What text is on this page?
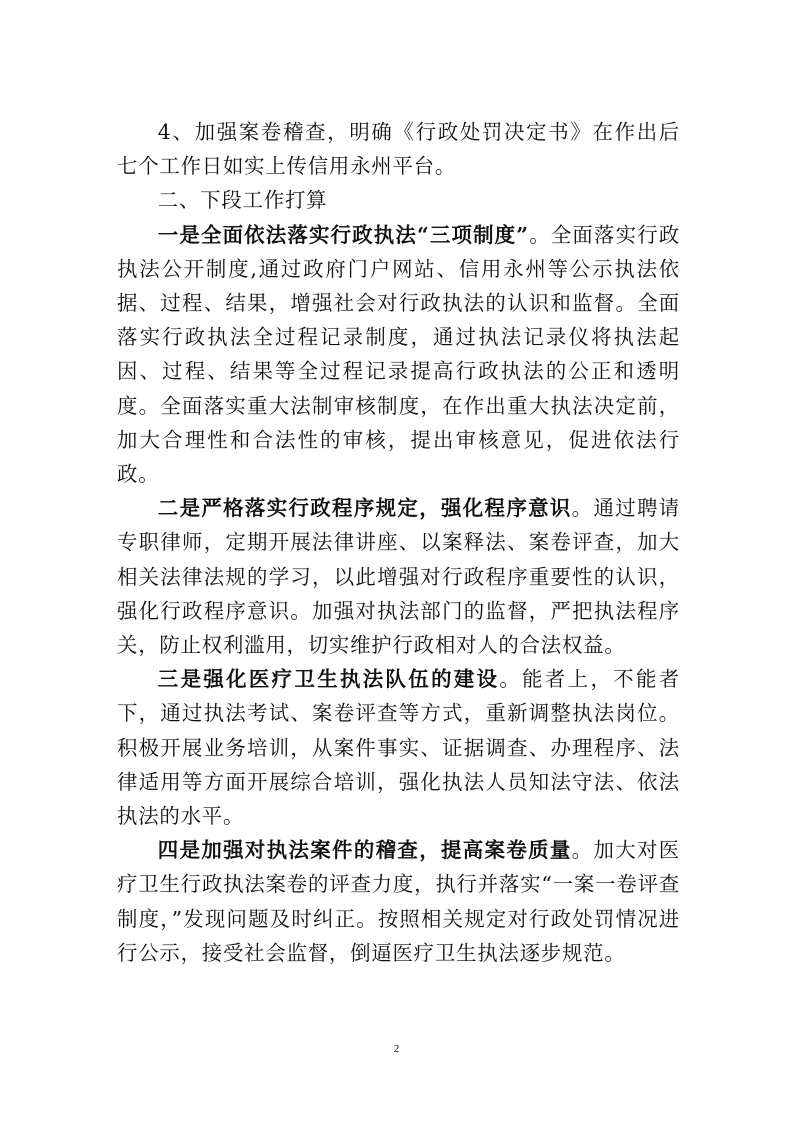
4、加强案卷稽查，明确《行政处罚决定书》在作出后七个工作日如实上传信用永州平台。

二、下段工作打算

一是全面依法落实行政执法“三项制度”。全面落实行政执法公开制度,通过政府门户网站、信用永州等公示执法依据、过程、结果，增强社会对行政执法的认识和监督。全面落实行政执法全过程记录制度，通过执法记录仪将执法起因、过程、结果等全过程记录提高行政执法的公正和透明度。全面落实重大法制审核制度，在作出重大执法决定前，加大合理性和合法性的审核，提出审核意见，促进依法行政。

二是严格落实行政程序规定，强化程序意识。通过聘请专职律师，定期开展法律讲座、以案释法、案卷评查，加大相关法律法规的学习，以此增强对行政程序重要性的认识，强化行政程序意识。加强对执法部门的监督，严把执法程序关，防止权利滥用，切实维护行政相对人的合法权益。

三是强化医疗卫生执法队伍的建设。能者上，不能者下，通过执法考试、案卷评查等方式，重新调整执法岗位。积极开展业务培训，从案件事实、证据调查、办理程序、法律适用等方面开展综合培训，强化执法人员知法守法、依法执法的水平。

四是加强对执法案件的稽查，提高案卷质量。加大对医疗卫生行政执法案卷的评查力度，执行并落实“一案一卷评查制度，”发现问题及时纠正。按照相关规定对行政处罚情况进行公示，接受社会监督，倒逼医疗卫生执法逐步规范。

2
